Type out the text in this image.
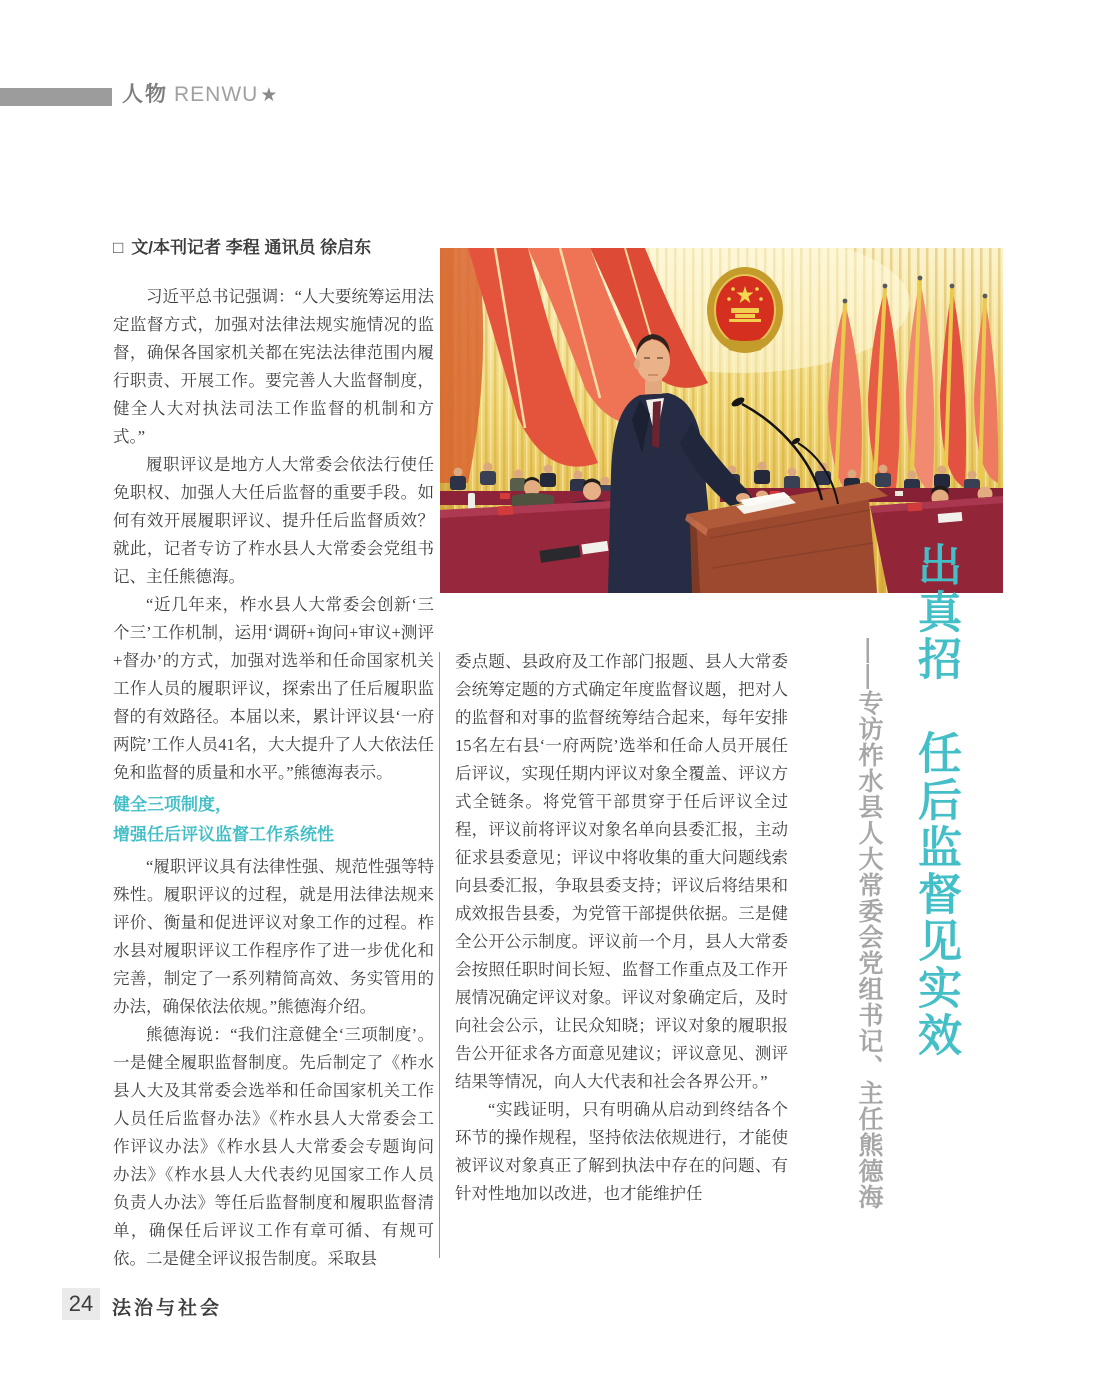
人物 RENWU ★
□ 文/本刊记者 李程 通讯员 徐启东

习近平总书记强调：“人大要统筹运用法定监督方式，加强对法律法规实施情况的监督，确保各国家机关都在宪法法律范围内履行职责、开展工作。要完善人大监督制度，健全人大对执法司法工作监督的机制和方式。”

履职评议是地方人大常委会依法行使任免职权、加强人大任后监督的重要手段。如何有效开展履职评议、提升任后监督质效？就此，记者专访了柞水县人大常委会党组书记、主任熊德海。

“近几年来，柞水县人大常委会创新‘三个三’工作机制，运用‘调研+询问+审议+测评+督办’的方式，加强对选举和任命国家机关工作人员的履职评议，探索出了任后履职监督的有效路径。本届以来，累计评议县‘一府两院’工作人员41名，大大提升了人大依法任免和监督的质量和水平。”熊德海表示。

健全三项制度，
增强任后评议监督工作系统性

“履职评议具有法律性强、规范性强等特殊性。履职评议的过程，就是用法律法规来评价、衡量和促进评议对象工作的过程。柞水县对履职评议工作程序作了进一步优化和完善，制定了一系列精简高效、务实管用的办法，确保依法依规。”熊德海介绍。

熊德海说：“我们注意健全‘三项制度’。一是健全履职监督制度。先后制定了《柞水县人大及其常委会选举和任命国家机关工作人员任后监督办法》《柞水县人大常委会工作评议办法》《柞水县人大常委会专题询问办法》《柞水县人大代表约见国家工作人员负责人办法》等任后监督制度和履职监督清单，确保任后评议工作有章可循、有规可依。二是健全评议报告制度。采取县

委点题、县政府及工作部门报题、县人大常委会统筹定题的方式确定年度监督议题，把对人的监督和对事的监督统筹结合起来，每年安排15名左右县‘一府两院’选举和任命人员开展任后评议，实现任期内评议对象全覆盖、评议方式全链条。将党管干部贯穿于任后评议全过程，评议前将评议对象名单向县委汇报，主动征求县委意见；评议中将收集的重大问题线索向县委汇报，争取县委支持；评议后将结果和成效报告县委，为党管干部提供依据。三是健全公开公示制度。评议前一个月，县人大常委会按照任职时间长短、监督工作重点及工作开展情况确定评议对象。评议对象确定后，及时向社会公示，让民众知晓；评议对象的履职报告公开征求各方面意见建议；评议意见、测评结果等情况，向人大代表和社会各界公开。”

“实践证明，只有明确从启动到终结各个环节的操作规程，坚持依法依规进行，才能使被评议对象真正了解到执法中存在的问题、有针对性地加以改进，也才能维护任

出真招　任后监督见实效
——专访柞水县人大常委会党组书记、主任熊德海
24 法治与社会
